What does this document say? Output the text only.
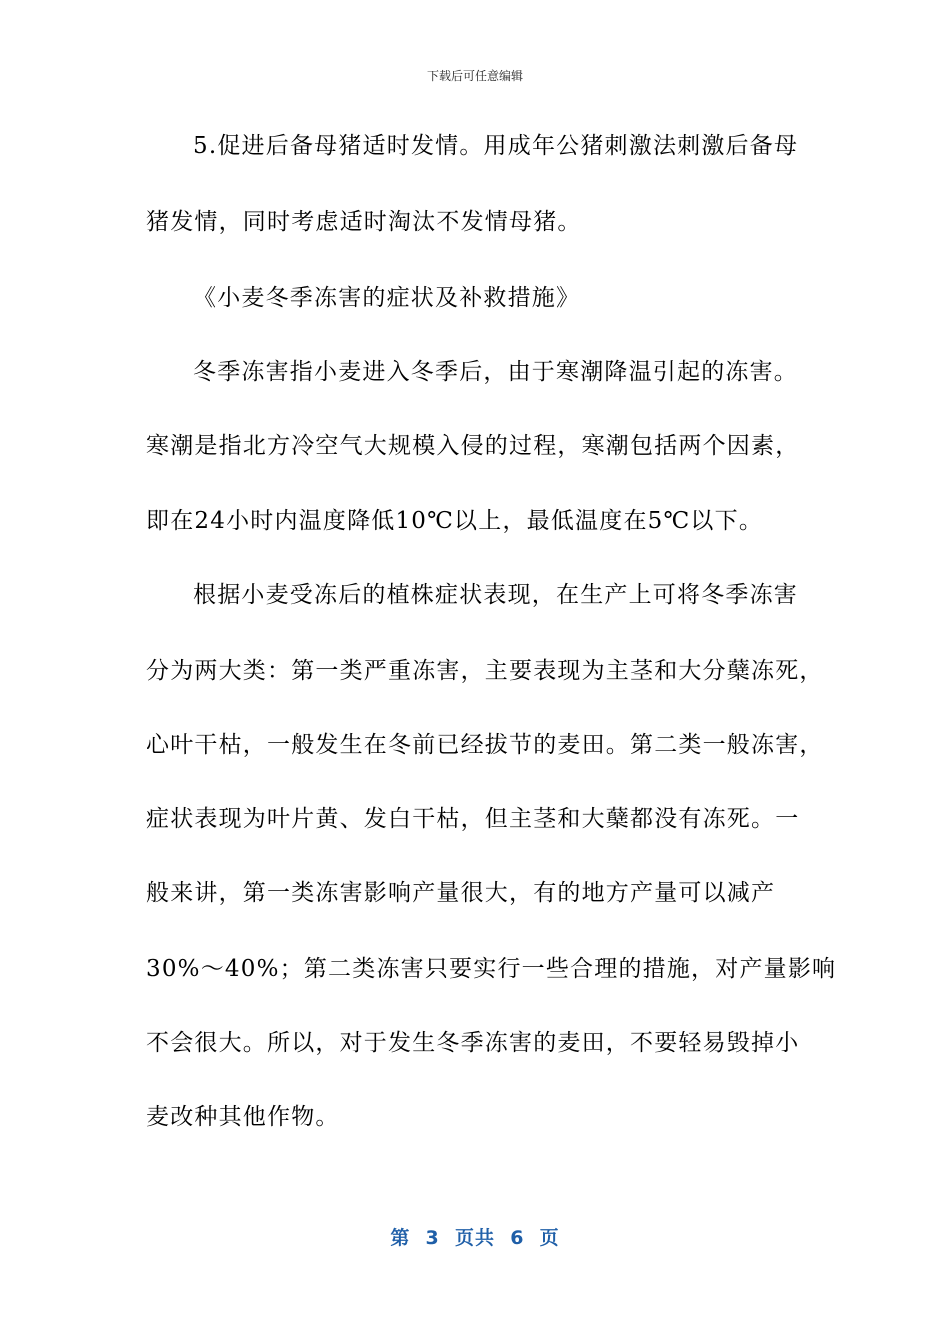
下载后可任意编辑
5.促进后备母猪适时发情。用成年公猪刺激法刺激后备母
猪发情，同时考虑适时淘汰不发情母猪。
《小麦冬季冻害的症状及补救措施》
冬季冻害指小麦进入冬季后，由于寒潮降温引起的冻害。
寒潮是指北方冷空气大规模入侵的过程，寒潮包括两个因素，
即在24小时内温度降低10℃以上，最低温度在5℃以下。
根据小麦受冻后的植株症状表现，在生产上可将冬季冻害
分为两大类：第一类严重冻害，主要表现为主茎和大分蘖冻死，
心叶干枯，一般发生在冬前已经拔节的麦田。第二类一般冻害，
症状表现为叶片黄、发白干枯，但主茎和大蘖都没有冻死。一
般来讲，第一类冻害影响产量很大，有的地方产量可以减产
30%～40%；第二类冻害只要实行一些合理的措施，对产量影响
不会很大。所以，对于发生冬季冻害的麦田，不要轻易毁掉小
麦改种其他作物。
第  3  页共  6  页
